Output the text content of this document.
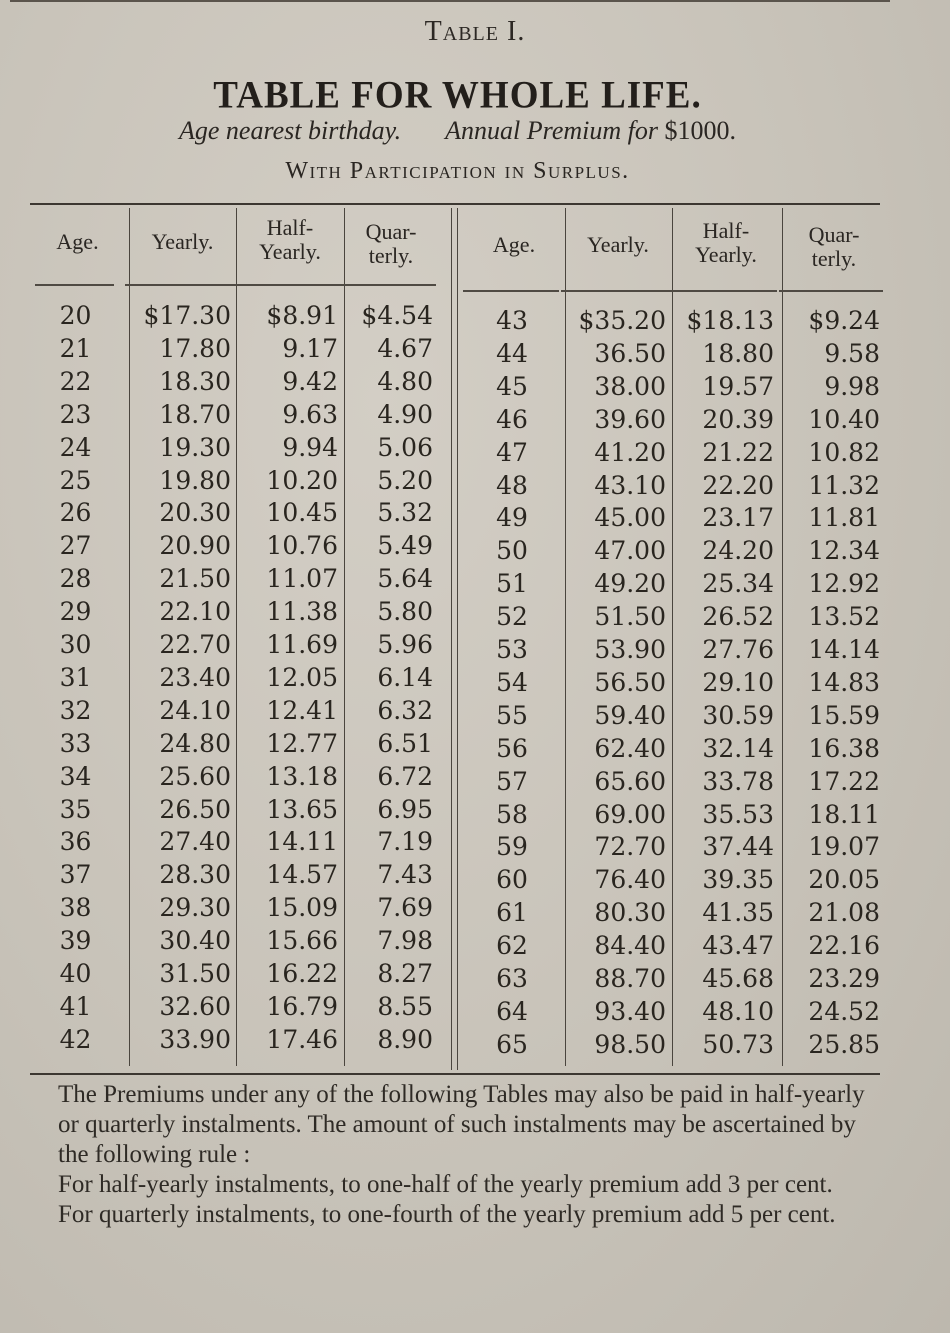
Table I.
TABLE FOR WHOLE LIFE.
Age nearest birthday. Annual Premium for $1000.
With Participation in Surplus.
Age.	Yearly.
Half-
Yearly.
Quar-
terly.
20	$17.30	$8.91 $4.54
21	17.80	9.17	4.67
22	18.30	9.42	4.80
23	18.70	9.63	4.90
24	19.30	9.94	5.06
25	19.80	10.20	5.20
26	20.30	10.45	5.32
27	20.90	10.76	5.49
28	21.50	11.07	5.64
29	22.10	11.38	5.80
30	22.70	11.69	5.96
31	23.40	12.05	6.14
32	24.10	12.41	6.32
33	24.80	12.77	6.51
34	25.60	13.18	6.72
35	26.50	13.65	6.95
36	27.40	14.11	7.19
37	28.30	14.57	7.43
38	29.30	15.09	7.69
39	30.40	15.66	7.98
40	31.50	16.22	8.27
41	32.60	16.79	8.55
42	33.90	17.46	8.90
Age.	Yearly.
Half-
Yearly.
Quar-
terly.
43	$35.20 $18.13	$9.24
44	36.50	18.80	9.58
45	38.00	19.57	9.98
46	39.60	20.39	10.40
47	41.20	21.22	10.82
48	43.10	22.20	11.32
49	45.00	23.17	11.81
50	47.00	24.20	12.34
51	49.20	25.34	12.92
52	51.50	26.52	13.52
53	53.90	27.76	14.14
54	56.50	29.10	14.83
55	59.40	30.59	15.59
56	62.40	32.14	16.38
57	65.60	33.78	17.22
58	69.00	35.53	18.11
59	72.70	37.44	19.07
60	76.40	39.35	20.05
61	80.30	41.35	21.08
62	84.40	43.47	22.16
63	88.70	45.68	23.29
64	93.40	48.10	24.52
65	98.50	50.73	25.85

The Premiums under any of the following Tables may also be paid in half-yearly or quarterly instalments. The amount of such instalments may be ascertained by the following rule :

For half-yearly instalments, to one-half of the yearly premium add 3 per cent.

For quarterly instalments, to one-fourth of the yearly premium add 5 per cent.
